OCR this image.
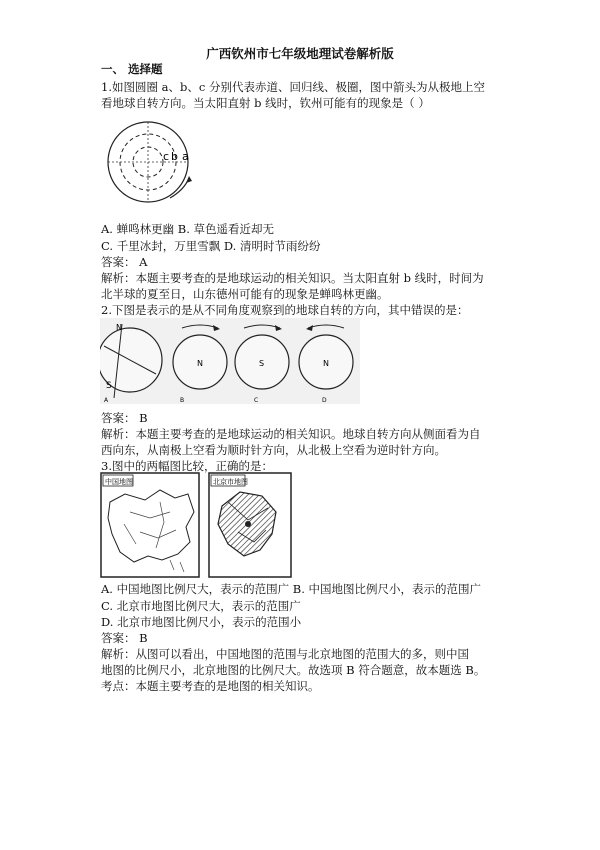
广西钦州市七年级地理试卷解析版
一、 选择题
1.如图圆圈 a、b、c 分别代表赤道、回归线、极圈，图中箭头为从极地上空
看地球自转方向。当太阳直射 b 线时，钦州可能有的现象是（ ）
c b a
A. 蝉鸣林更幽 B. 草色遥看近却无
C. 千里冰封，万里雪飘 D. 清明时节雨纷纷
答案： A
解析：本题主要考查的是地球运动的相关知识。当太阳直射 b 线时，时间为
北半球的夏至日，山东德州可能有的现象是蝉鸣林更幽。
2.下图是表示的是从不同角度观察到的地球自转的方向，其中错误的是：
N
S
A
N
B
S
C
N
D
答案： B
解析：本题主要考查的是地球运动的相关知识。地球自转方向从侧面看为自
西向东，从南极上空看为顺时针方向，从北极上空看为逆时针方向。
3.图中的两幅图比较，正确的是：
中国地图	北京市地图
A. 中国地图比例尺大，表示的范围广 B. 中国地图比例尺小，表示的范围广
C. 北京市地图比例尺大，表示的范围广
D. 北京市地图比例尺小，表示的范围小
答案： B
解析：从图可以看出，中国地图的范围与北京地图的范围大的多，则中国
地图的比例尺小，北京地图的比例尺大。故选项 B 符合题意，故本题选 B。
考点：本题主要考查的是地图的相关知识。
